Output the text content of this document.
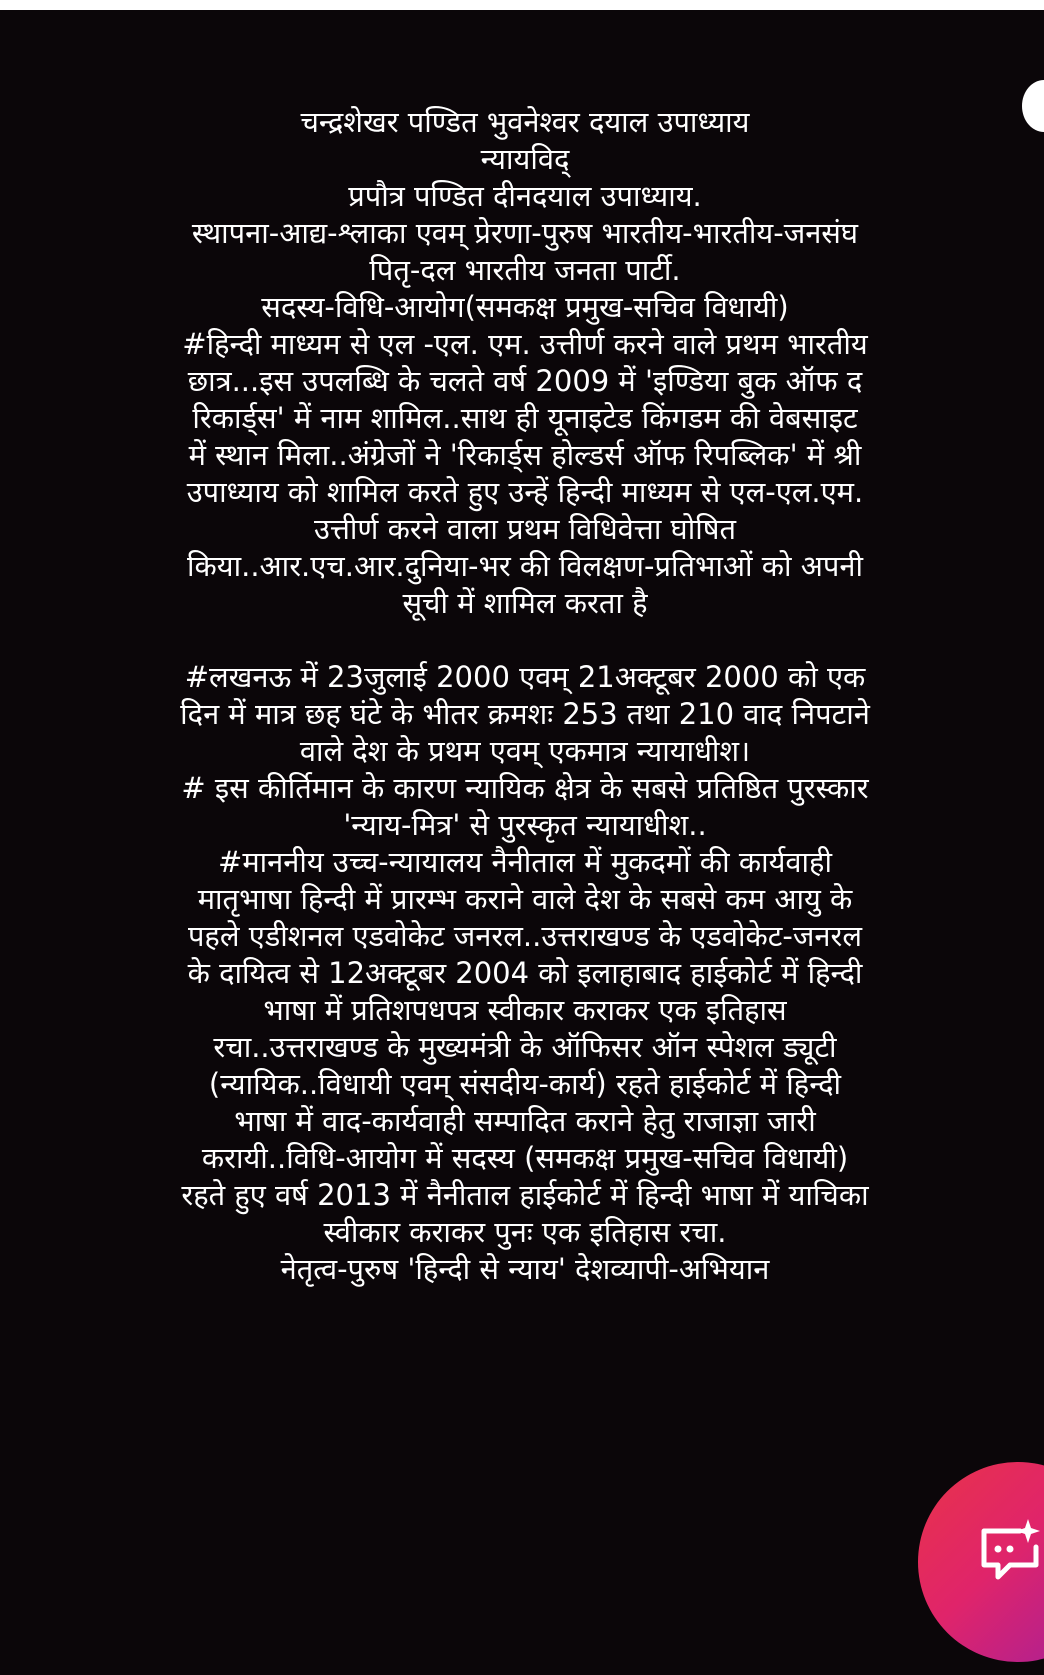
चन्द्रशेखर पण्डित भुवनेश्वर दयाल उपाध्याय
न्यायविद्
प्रपौत्र पण्डित दीनदयाल उपाध्याय.
स्थापना-आद्य-श्लाका एवम् प्रेरणा-पुरुष भारतीय-भारतीय-जनसंघ
पितृ-दल भारतीय जनता पार्टी.
सदस्य-विधि-आयोग(समकक्ष प्रमुख-सचिव विधायी)
#हिन्दी माध्यम से एल -एल. एम. उत्तीर्ण करने वाले प्रथम भारतीय
छात्र...इस उपलब्धि के चलते वर्ष 2009 में 'इण्डिया बुक ऑफ द
रिकार्ड्स' में नाम शामिल..साथ ही यूनाइटेड किंगडम की वेबसाइट
में स्थान मिला..अंग्रेजों ने 'रिकार्ड्स होल्डर्स ऑफ रिपब्लिक' में श्री
उपाध्याय को शामिल करते हुए उन्हें हिन्दी माध्यम से एल-एल.एम.
उत्तीर्ण करने वाला प्रथम विधिवेत्ता घोषित
किया..आर.एच.आर.दुनिया-भर की विलक्षण-प्रतिभाओं को अपनी
सूची में शामिल करता है
#लखनऊ में 23जुलाई 2000 एवम् 21अक्टूबर 2000 को एक
दिन में मात्र छह घंटे के भीतर क्रमशः 253 तथा 210 वाद निपटाने
वाले देश के प्रथम एवम् एकमात्र न्यायाधीश।
# इस कीर्तिमान के कारण न्यायिक क्षेत्र के सबसे प्रतिष्ठित पुरस्कार
'न्याय-मित्र' से पुरस्कृत न्यायाधीश..
#माननीय उच्च-न्यायालय नैनीताल में मुकदमों की कार्यवाही
मातृभाषा हिन्दी में प्रारम्भ कराने वाले देश के सबसे कम आयु के
पहले एडीशनल एडवोकेट जनरल..उत्तराखण्ड के एडवोकेट-जनरल
के दायित्व से 12अक्टूबर 2004 को इलाहाबाद हाईकोर्ट में हिन्दी
भाषा में प्रतिशपधपत्र स्वीकार कराकर एक इतिहास
रचा..उत्तराखण्ड के मुख्यमंत्री के ऑफिसर ऑन स्पेशल ड्यूटी
(न्यायिक..विधायी एवम् संसदीय-कार्य) रहते हाईकोर्ट में हिन्दी
भाषा में वाद-कार्यवाही सम्पादित कराने हेतु राजाज्ञा जारी
करायी..विधि-आयोग में सदस्य (समकक्ष प्रमुख-सचिव विधायी)
रहते हुए वर्ष 2013 में नैनीताल हाईकोर्ट में हिन्दी भाषा में याचिका
स्वीकार कराकर पुनः एक इतिहास रचा.
नेतृत्व-पुरुष 'हिन्दी से न्याय' देशव्यापी-अभियान
